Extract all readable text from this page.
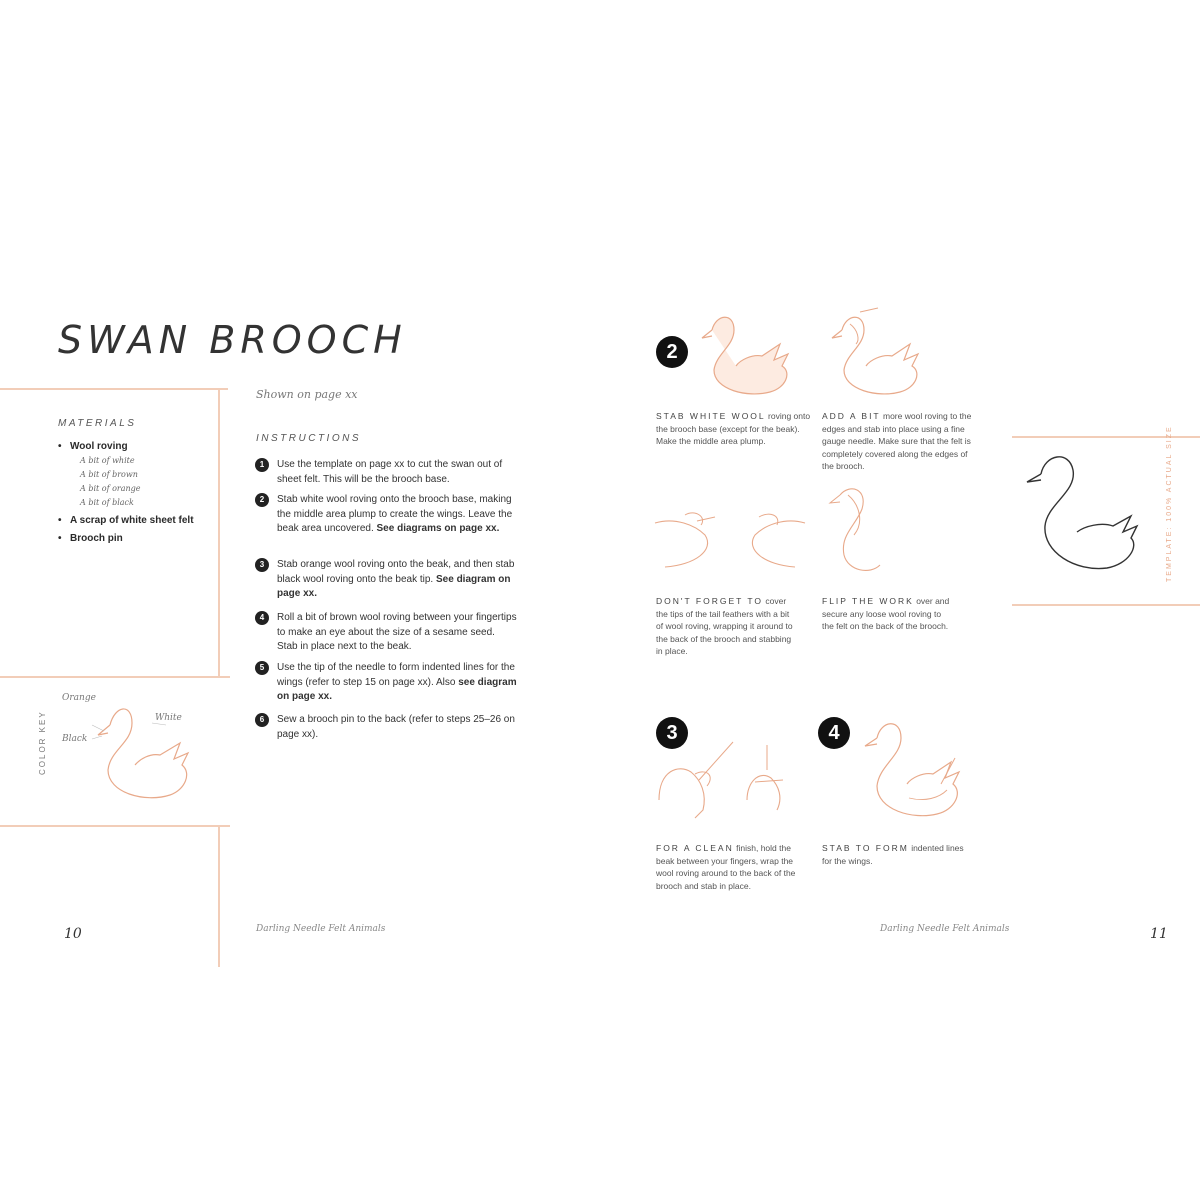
SWAN BROOCH
Shown on page xx
MATERIALS
• Wool roving
A bit of white
A bit of brown
A bit of orange
A bit of black
• A scrap of white sheet felt
• Brooch pin
INSTRUCTIONS
1	Use the template on page xx to cut the swan out of sheet felt. This will be the brooch base.
2	Stab white wool roving onto the brooch base, making the middle area plump to create the wings. Leave the beak area uncovered. See diagrams on page xx.
3	Stab orange wool roving onto the beak, and then stab black wool roving onto the beak tip. See diagram on page xx.
4	Roll a bit of brown wool roving between your fingertips to make an eye about the size of a sesame seed. Stab in place next to the beak.
5	Use the tip of the needle to form indented lines for the wings (refer to step 15 on page xx). Also see diagram on page xx.
6	Sew a brooch pin to the back (refer to steps 25–26 on page xx).
COLOR KEY
Orange
White
Black
2
STAB WHITE WOOL roving onto the brooch base (except for the beak). Make the middle area plump.
ADD A BIT more wool roving to the edges and stab into place using a fine gauge needle. Make sure that the felt is completely covered along the edges of the brooch.
DON'T FORGET TO cover the tips of the tail feathers with a bit of wool roving, wrapping it around to the back of the brooch and stabbing in place.
FLIP THE WORK over and secure any loose wool roving to the felt on the back of the brooch.
TEMPLATE: 100% ACTUAL SIZE
3
FOR A CLEAN finish, hold the beak between your fingers, wrap the wool roving around to the back of the brooch and stab in place.
4
STAB TO FORM indented lines for the wings.
10	Darling Needle Felt Animals	Darling Needle Felt Animals	11
